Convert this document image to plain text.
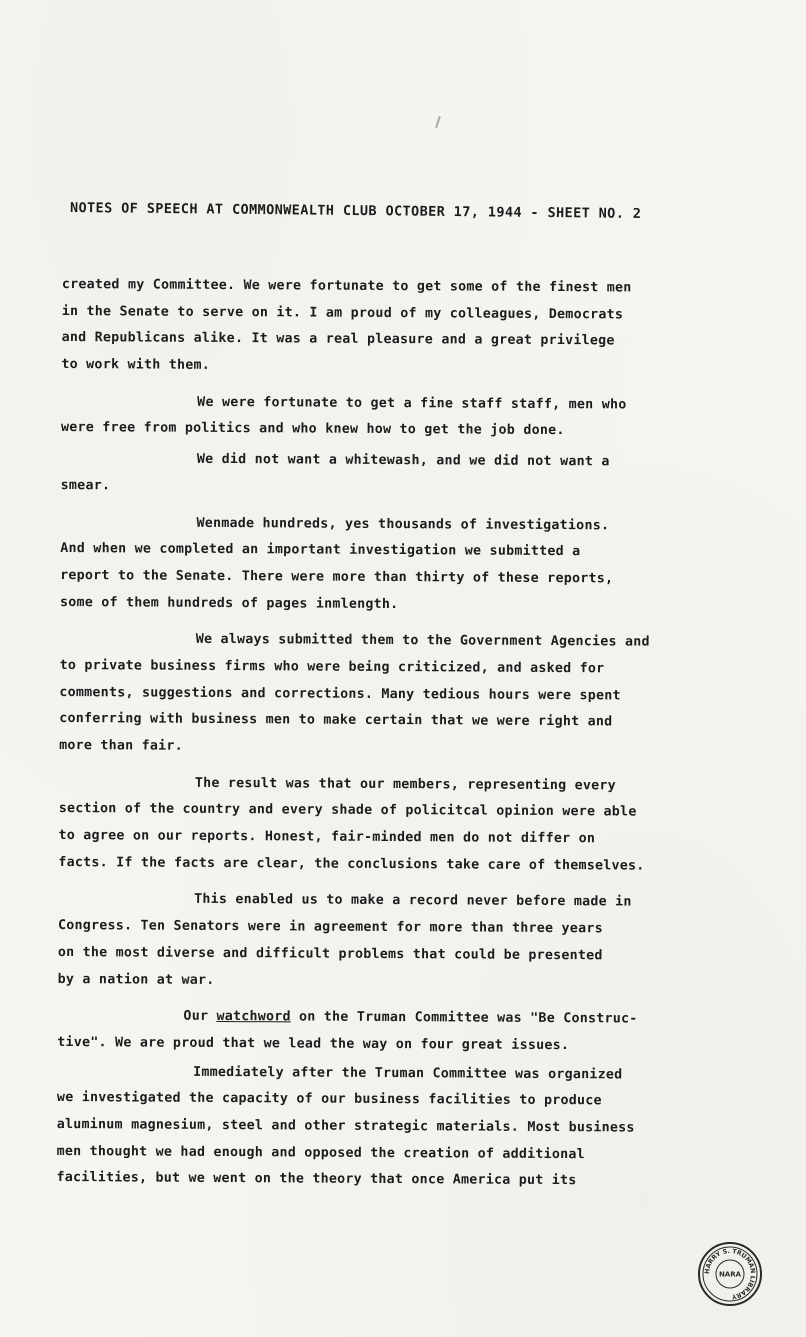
NOTES OF SPEECH AT COMMONWEALTH CLUB OCTOBER 17, 1944 - SHEET NO. 2
created my Committee. We were fortunate to get some of the finest men
in the Senate to serve on it. I am proud of my colleagues, Democrats
and Republicans alike. It was a real pleasure and a great privilege
to work with them.
We were fortunate to get a fine staff staff, men who
were free from politics and who knew how to get the job done.
We did not want a whitewash, and we did not want a
smear.
Wenmade hundreds, yes thousands of investigations.
And when we completed an important investigation we submitted a
report to the Senate. There were more than thirty of these reports,
some of them hundreds of pages inmlength.
We always submitted them to the Government Agencies and
to private business firms who were being criticized, and asked for
comments, suggestions and corrections. Many tedious hours were spent
conferring with business men to make certain that we were right and
more than fair.
The result was that our members, representing every
section of the country and every shade of policitcal opinion were able
to agree on our reports. Honest, fair-minded men do not differ on
facts. If the facts are clear, the conclusions take care of themselves.
This enabled us to make a record never before made in
Congress. Ten Senators were in agreement for more than three years
on the most diverse and difficult problems that could be presented
by a nation at war.
Our watchword on the Truman Committee was "Be Construc-
tive". We are proud that we lead the way on four great issues.
Immediately after the Truman Committee was organized
we investigated the capacity of our business facilities to produce
aluminum magnesium, steel and other strategic materials. Most business
men thought we had enough and opposed the creation of additional
facilities, but we went on the theory that once America put its
HARRY S. TRUMAN LIBRARY
NARA
